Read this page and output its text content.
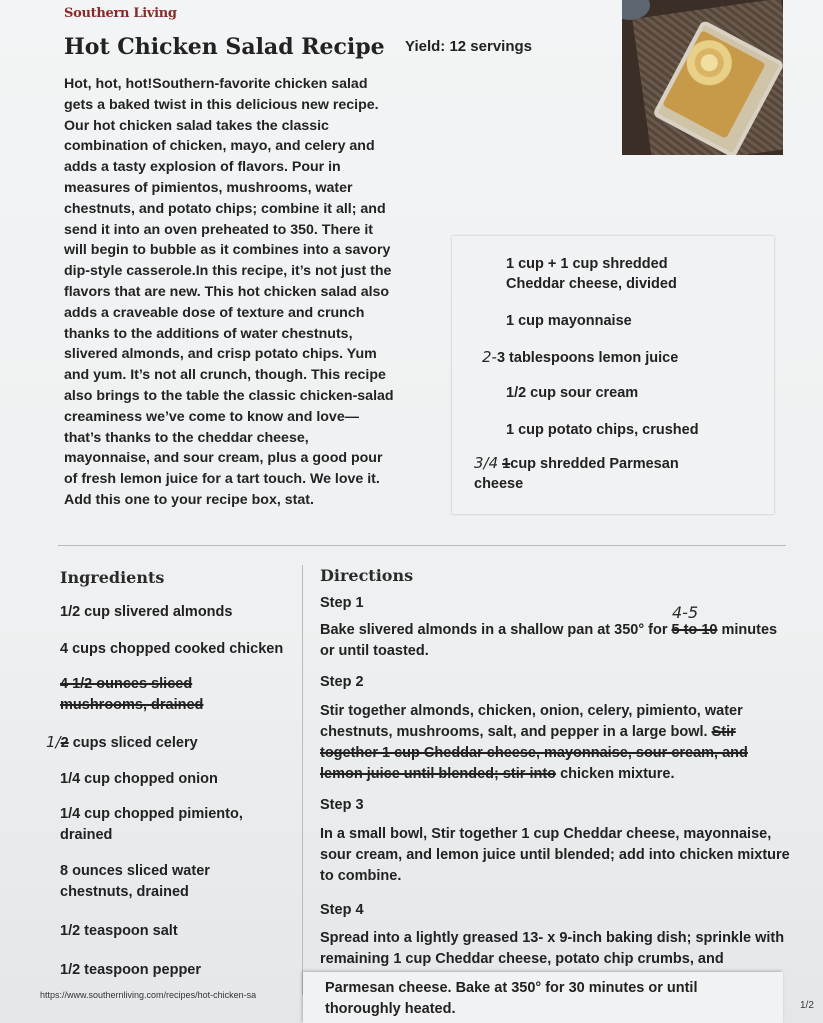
Southern Living
Hot Chicken Salad Recipe Yield: 12 servings
Hot, hot, hot!Southern-favorite chicken salad gets a baked twist in this delicious new recipe. Our hot chicken salad takes the classic combination of chicken, mayo, and celery and adds a tasty explosion of flavors. Pour in measures of pimientos, mushrooms, water chestnuts, and potato chips; combine it all; and send it into an oven preheated to 350. There it will begin to bubble as it combines into a savory dip-style casserole.In this recipe, it’s not just the flavors that are new. This hot chicken salad also adds a craveable dose of texture and crunch thanks to the additions of water chestnuts, slivered almonds, and crisp potato chips. Yum and yum. It’s not all crunch, though. This recipe also brings to the table the classic chicken-salad creaminess we’ve come to know and love—that’s thanks to the cheddar cheese, mayonnaise, and sour cream, plus a good pour of fresh lemon juice for a tart touch. We love it. Add this one to your recipe box, stat.
1 cup + 1 cup shredded Cheddar cheese, divided
1 cup mayonnaise
2-3 tablespoons lemon juice
1/2 cup sour cream
1 cup potato chips, crushed
3/4 1cup shredded Parmesan cheese
Ingredients
1/2 cup slivered almonds
4 cups chopped cooked chicken
4 1/2 ounces sliced mushrooms, drained
1/2 cups sliced celery
1/4 cup chopped onion
1/4 cup chopped pimiento, drained
8 ounces sliced water chestnuts, drained
1/2 teaspoon salt
1/2 teaspoon pepper
Directions
Step 1	4-5
Bake slivered almonds in a shallow pan at 350° for 5 to 10 minutes or until toasted.
Step 2
Stir together almonds, chicken, onion, celery, pimiento, water chestnuts, mushrooms, salt, and pepper in a large bowl. Stir together 1 cup Cheddar cheese, mayonnaise, sour cream, and lemon juice until blended; stir into chicken mixture.
Step 3
In a small bowl, Stir together 1 cup Cheddar cheese, mayonnaise, sour cream, and lemon juice until blended; add into chicken mixture to combine.
Step 4
Spread into a lightly greased 13- x 9-inch baking dish; sprinkle with remaining 1 cup Cheddar cheese, potato chip crumbs, and
https://www.southernliving.com/recipes/hot-chicken-sa	Parmesan cheese. Bake at 350° for 30 minutes or until thoroughly heated.	1/2
